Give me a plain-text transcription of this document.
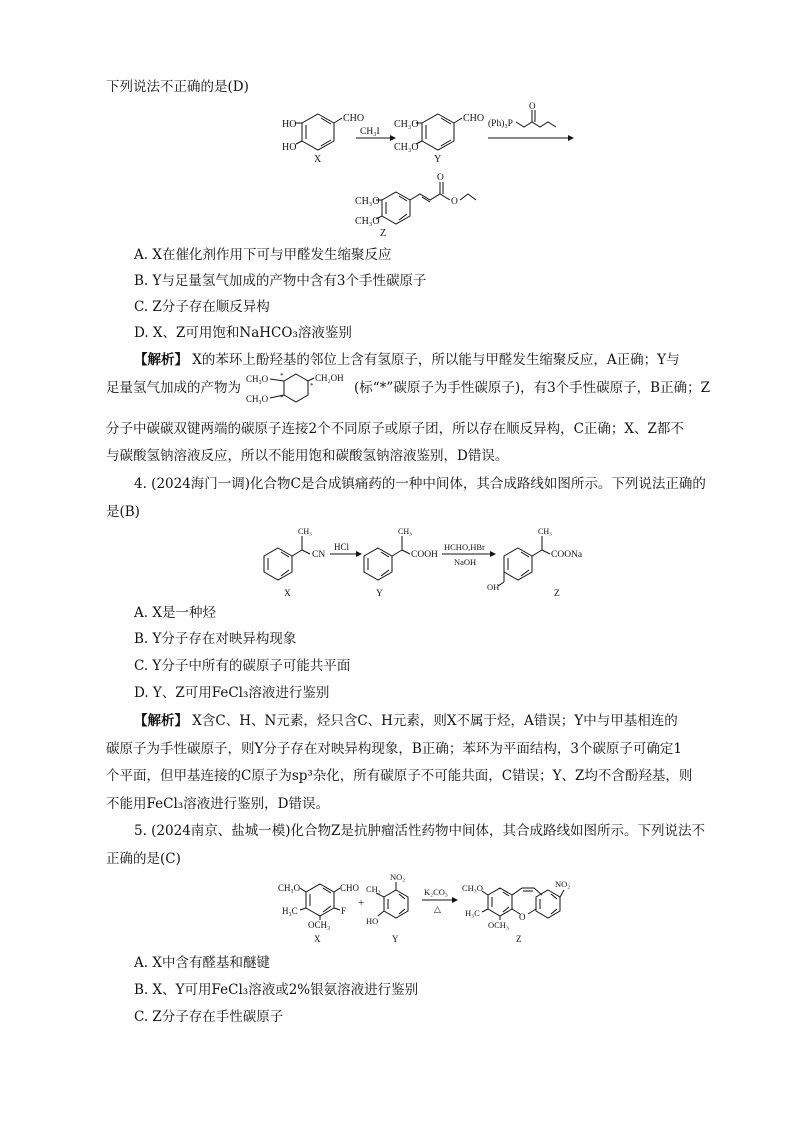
下列说法不正确的是(D)
CHO
HO
HO
X
CH₃I
CHO
CH₃O
CH₃O
Y
(Ph)₃P
O
O
O
CH₃O
CH₃O
Z
A. X在催化剂作用下可与甲醛发生缩聚反应
B. Y与足量氢气加成的产物中含有3个手性碳原子
C. Z分子存在顺反异构
D. X、Z可用饱和NaHCO₃溶液鉴别
【解析】 X的苯环上酚羟基的邻位上含有氢原子，所以能与甲醛发生缩聚反应，A正确；Y与
足量氢气加成的产物为
CH₃O
CH₃O
CH₂OH
*
*
*	(标“*”碳原子为手性碳原子)，有3个手性碳原子，B正确；Z
分子中碳碳双键两端的碳原子连接2个不同原子或原子团，所以存在顺反异构，C正确；X、Z都不
与碳酸氢钠溶液反应，所以不能用饱和碳酸氢钠溶液鉴别，D错误。
4. (2024海门一调)化合物C是合成镇痛药的一种中间体，其合成路线如图所示。下列说法正确的
是(B)
CH₃
CN
X
HCl
CH₃
COOH
Y
HCHO,HBr
NaOH
CH₃
COONa
OH
Z
A. X是一种烃
B. Y分子存在对映异构现象
C. Y分子中所有的碳原子可能共平面
D. Y、Z可用FeCl₃溶液进行鉴别
【解析】 X含C、H、N元素，烃只含C、H元素，则X不属于烃，A错误；Y中与甲基相连的
碳原子为手性碳原子，则Y分子存在对映异构现象，B正确；苯环为平面结构，3个碳原子可确定1
个平面，但甲基连接的C原子为sp³杂化，所有碳原子不可能共面，C错误；Y、Z均不含酚羟基，则
不能用FeCl₃溶液进行鉴别，D错误。
5. (2024南京、盐城一模)化合物Z是抗肿瘤活性药物中间体，其合成路线如图所示。下列说法不
正确的是(C)
CHO
F
CH₃O
H₃C
OCH₃
X
+
NO₂
CH₃
HO
Y
K₂CO₃
△
O
NO₂
CH₃O
H₃C
OCH₃
Z
A. X中含有醛基和醚键
B. X、Y可用FeCl₃溶液或2%银氨溶液进行鉴别
C. Z分子存在手性碳原子
